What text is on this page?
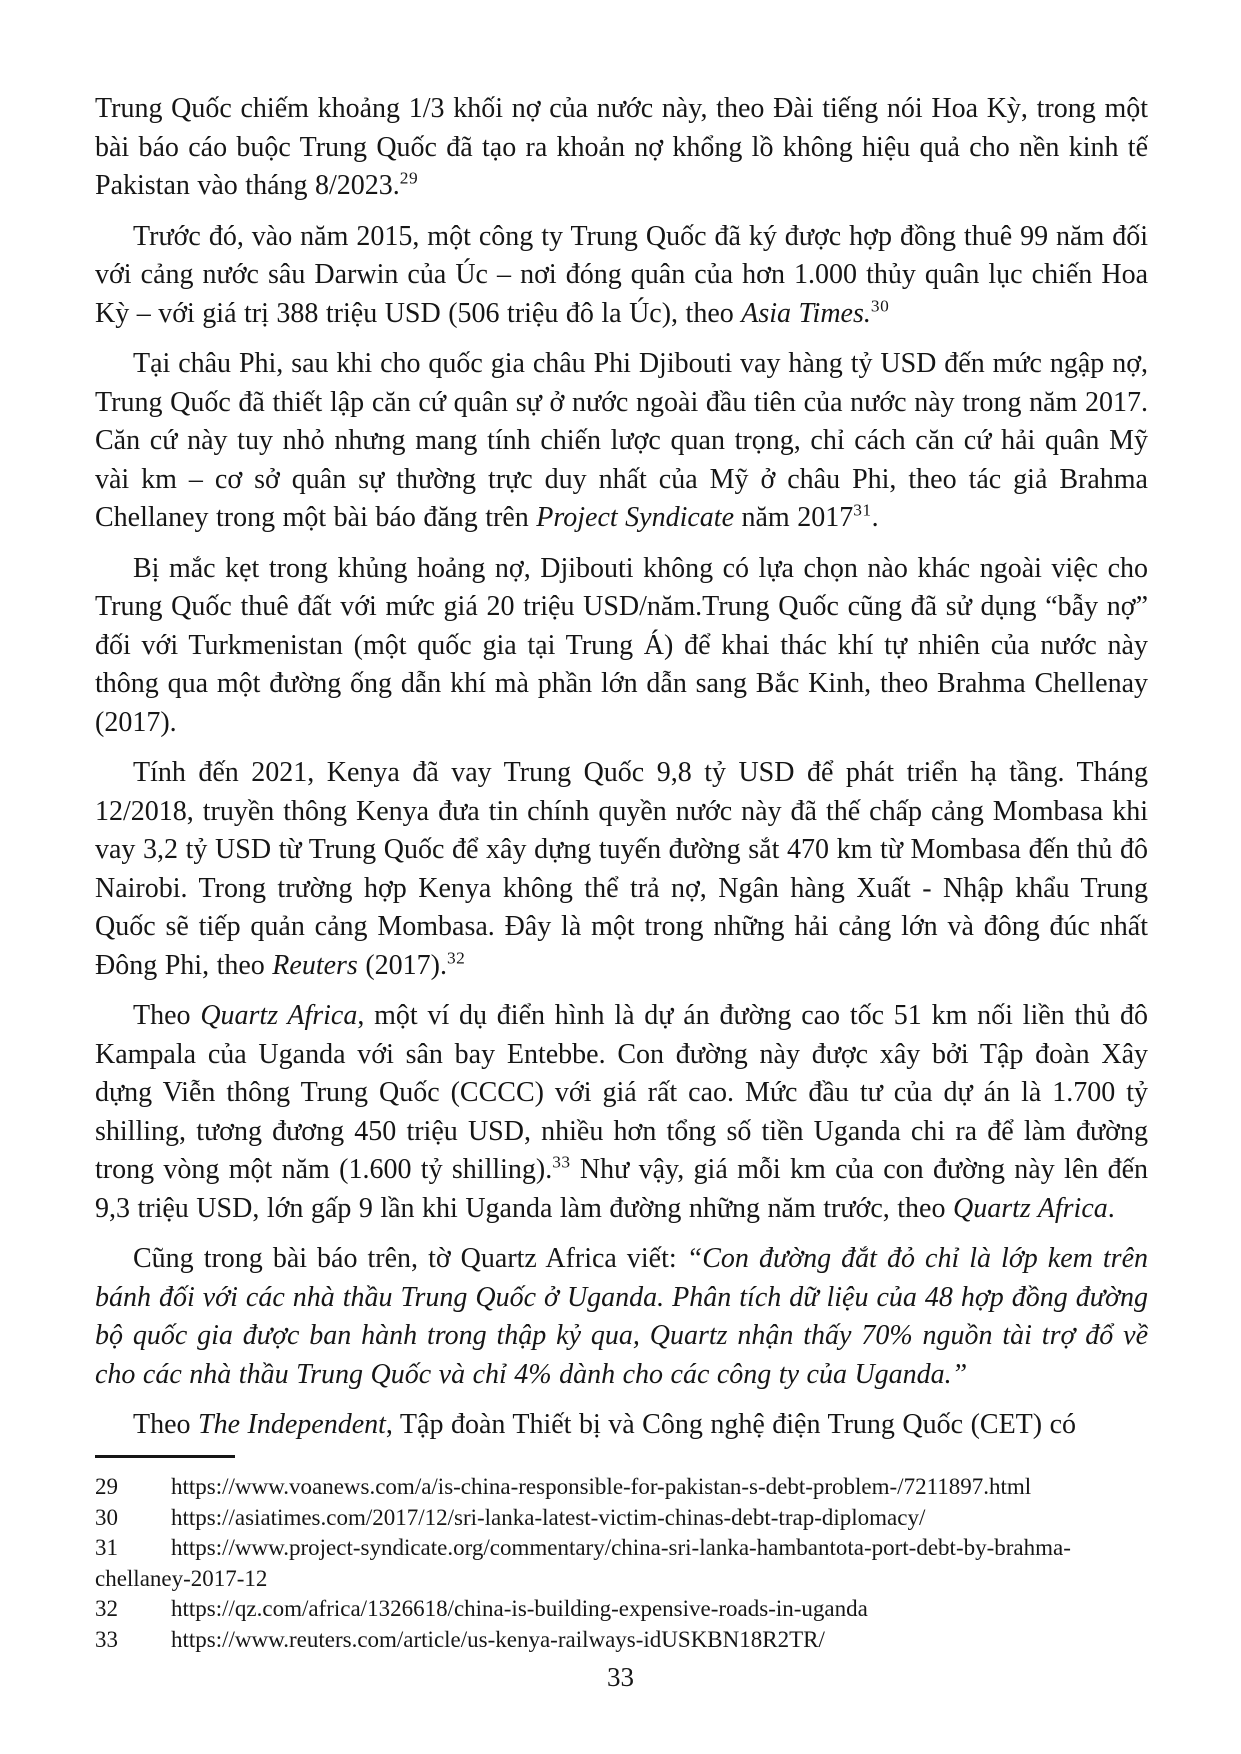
Trung Quốc chiếm khoảng 1/3 khối nợ của nước này, theo Đài tiếng nói Hoa Kỳ, trong một bài báo cáo buộc Trung Quốc đã tạo ra khoản nợ khổng lồ không hiệu quả cho nền kinh tế Pakistan vào tháng 8/2023.29

Trước đó, vào năm 2015, một công ty Trung Quốc đã ký được hợp đồng thuê 99 năm đối với cảng nước sâu Darwin của Úc – nơi đóng quân của hơn 1.000 thủy quân lục chiến Hoa Kỳ – với giá trị 388 triệu USD (506 triệu đô la Úc), theo Asia Times.$^{30}$

Tại châu Phi, sau khi cho quốc gia châu Phi Djibouti vay hàng tỷ USD đến mức ngập nợ, Trung Quốc đã thiết lập căn cứ quân sự ở nước ngoài đầu tiên của nước này trong năm 2017. Căn cứ này tuy nhỏ nhưng mang tính chiến lược quan trọng, chỉ cách căn cứ hải quân Mỹ vài km – cơ sở quân sự thường trực duy nhất của Mỹ ở châu Phi, theo tác giả Brahma Chellaney trong một bài báo đăng trên Project Syndicate năm 2017$^{31}$.

Bị mắc kẹt trong khủng hoảng nợ, Djibouti không có lựa chọn nào khác ngoài việc cho Trung Quốc thuê đất với mức giá 20 triệu USD/năm.Trung Quốc cũng đã sử dụng “bẫy nợ” đối với Turkmenistan (một quốc gia tại Trung Á) để khai thác khí tự nhiên của nước này thông qua một đường ống dẫn khí mà phần lớn dẫn sang Bắc Kinh, theo Brahma Chellenay (2017).

Tính đến 2021, Kenya đã vay Trung Quốc 9,8 tỷ USD để phát triển hạ tầng. Tháng 12/2018, truyền thông Kenya đưa tin chính quyền nước này đã thế chấp cảng Mombasa khi vay 3,2 tỷ USD từ Trung Quốc để xây dựng tuyến đường sắt 470 km từ Mombasa đến thủ đô Nairobi. Trong trường hợp Kenya không thể trả nợ, Ngân hàng Xuất - Nhập khẩu Trung Quốc sẽ tiếp quản cảng Mombasa. Đây là một trong những hải cảng lớn và đông đúc nhất Đông Phi, theo Reuters (2017).$^{32}$

Theo Quartz Africa, một ví dụ điển hình là dự án đường cao tốc 51 km nối liền thủ đô Kampala của Uganda với sân bay Entebbe. Con đường này được xây bởi Tập đoàn Xây dựng Viễn thông Trung Quốc (CCCC) với giá rất cao. Mức đầu tư của dự án là 1.700 tỷ shilling, tương đương 450 triệu USD, nhiều hơn tổng số tiền Uganda chi ra để làm đường trong vòng một năm (1.600 tỷ shilling).$^{33}$ Như vậy, giá mỗi km của con đường này lên đến 9,3 triệu USD, lớn gấp 9 lần khi Uganda làm đường những năm trước, theo Quartz Africa.

Cũng trong bài báo trên, tờ Quartz Africa viết: “Con đường đắt đỏ chỉ là lớp kem trên bánh đối với các nhà thầu Trung Quốc ở Uganda. Phân tích dữ liệu của 48 hợp đồng đường bộ quốc gia được ban hành trong thập kỷ qua, Quartz nhận thấy 70% nguồn tài trợ đổ về cho các nhà thầu Trung Quốc và chỉ 4% dành cho các công ty của Uganda.”

Theo The Independent, Tập đoàn Thiết bị và Công nghệ điện Trung Quốc (CET) có

29 https://www.voanews.com/a/is-china-responsible-for-pakistan-s-debt-problem-/7211897.html

30 https://asiatimes.com/2017/12/sri-lanka-latest-victim-chinas-debt-trap-diplomacy/

31 https://www.project-syndicate.org/commentary/china-sri-lanka-hambantota-port-debt-by-brahma-chellaney-2017-12

32 https://qz.com/africa/1326618/china-is-building-expensive-roads-in-uganda

33 https://www.reuters.com/article/us-kenya-railways-idUSKBN18R2TR/

33
